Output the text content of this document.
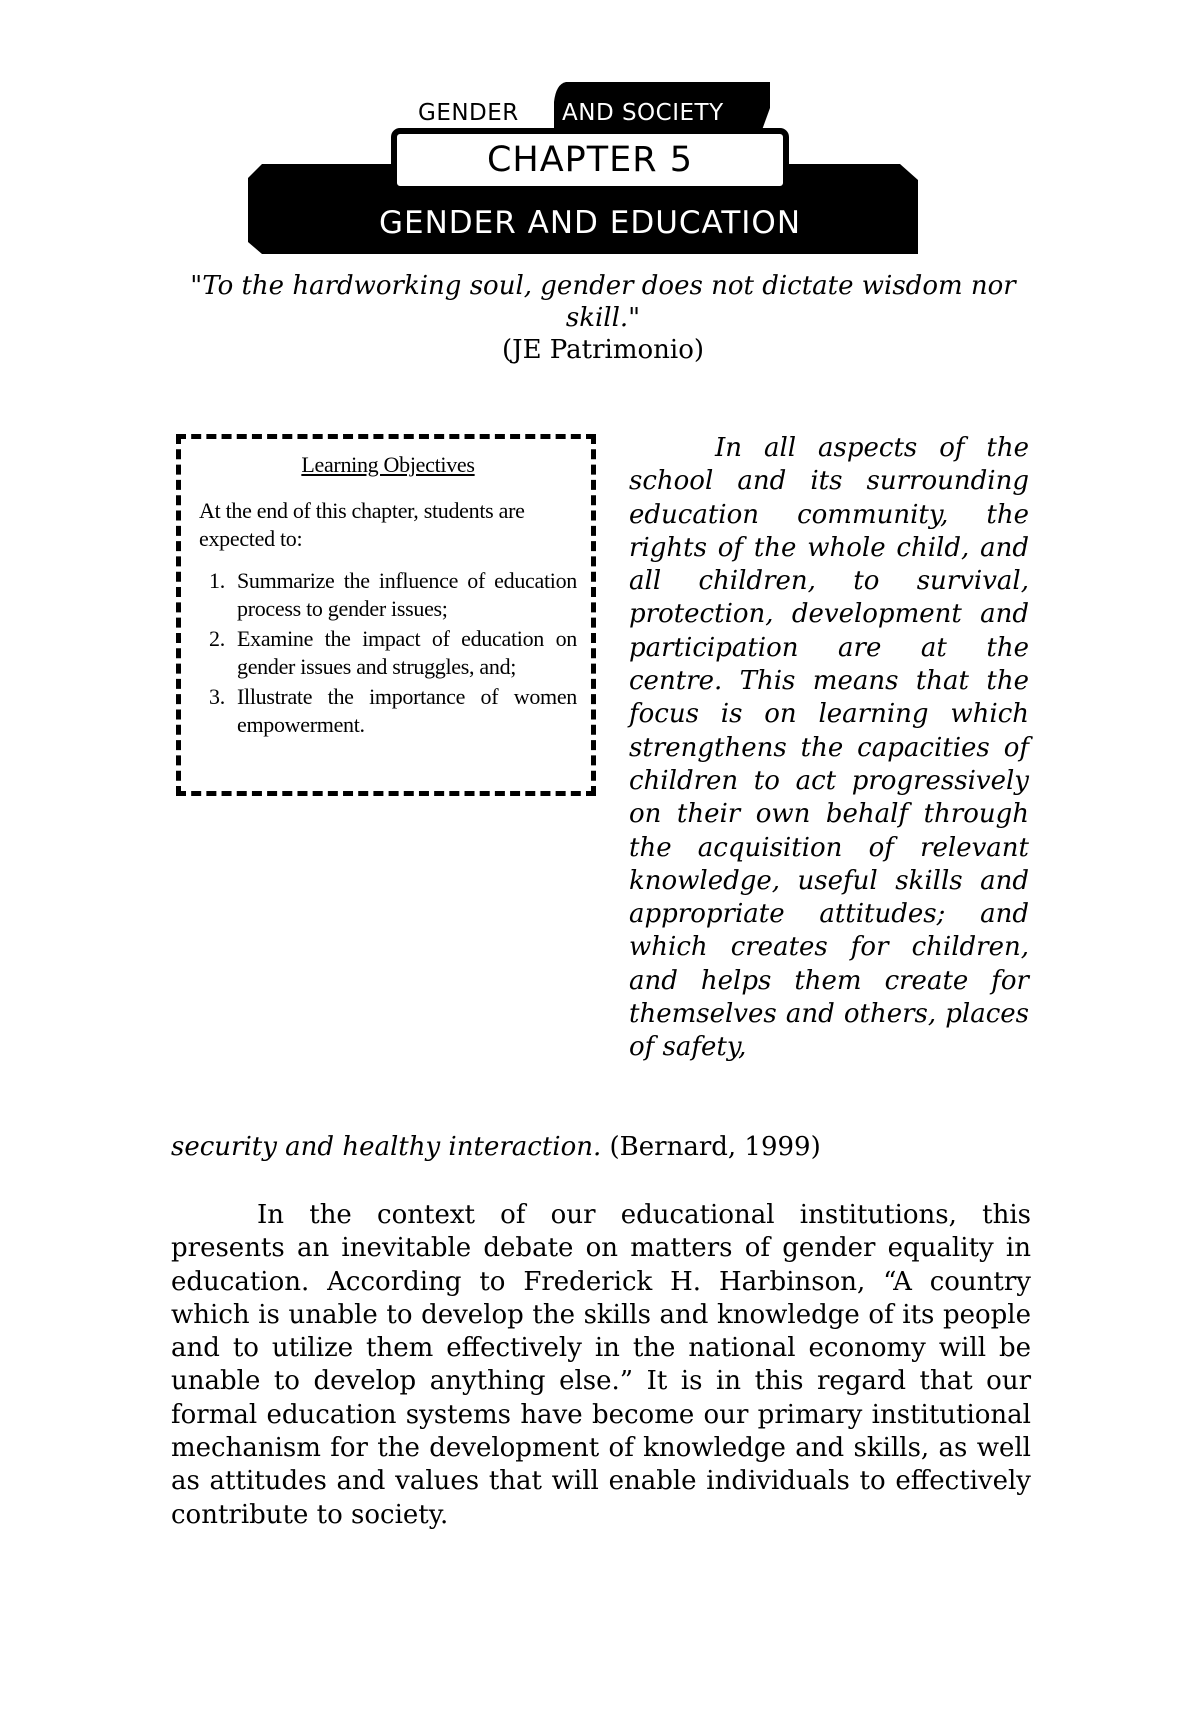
GENDER AND SOCIETY
CHAPTER 5
GENDER AND EDUCATION
"To the hardworking soul, gender does not dictate wisdom nor skill."
(JE Patrimonio)
Learning Objectives
At the end of this chapter, students are expected to:
1. Summarize the influence of education process to gender issues;
2. Examine the impact of education on gender issues and struggles, and;
3. Illustrate the importance of women empowerment.

In all aspects of the school and its surrounding education community, the rights of the whole child, and all children, to survival, protection, development and participation are at the centre. This means that the focus is on learning which strengthens the capacities of children to act progressively on their own behalf through the acquisition of relevant knowledge, useful skills and appropriate attitudes; and which creates for children, and helps them create for themselves and others, places of safety,

security and healthy interaction. (Bernard, 1999)

In the context of our educational institutions, this presents an inevitable debate on matters of gender equality in education. According to Frederick H. Harbinson, “A country which is unable to develop the skills and knowledge of its people and to utilize them effectively in the national economy will be unable to develop anything else.” It is in this regard that our formal education systems have become our primary institutional mechanism for the development of knowledge and skills, as well as attitudes and values that will enable individuals to effectively contribute to society.
